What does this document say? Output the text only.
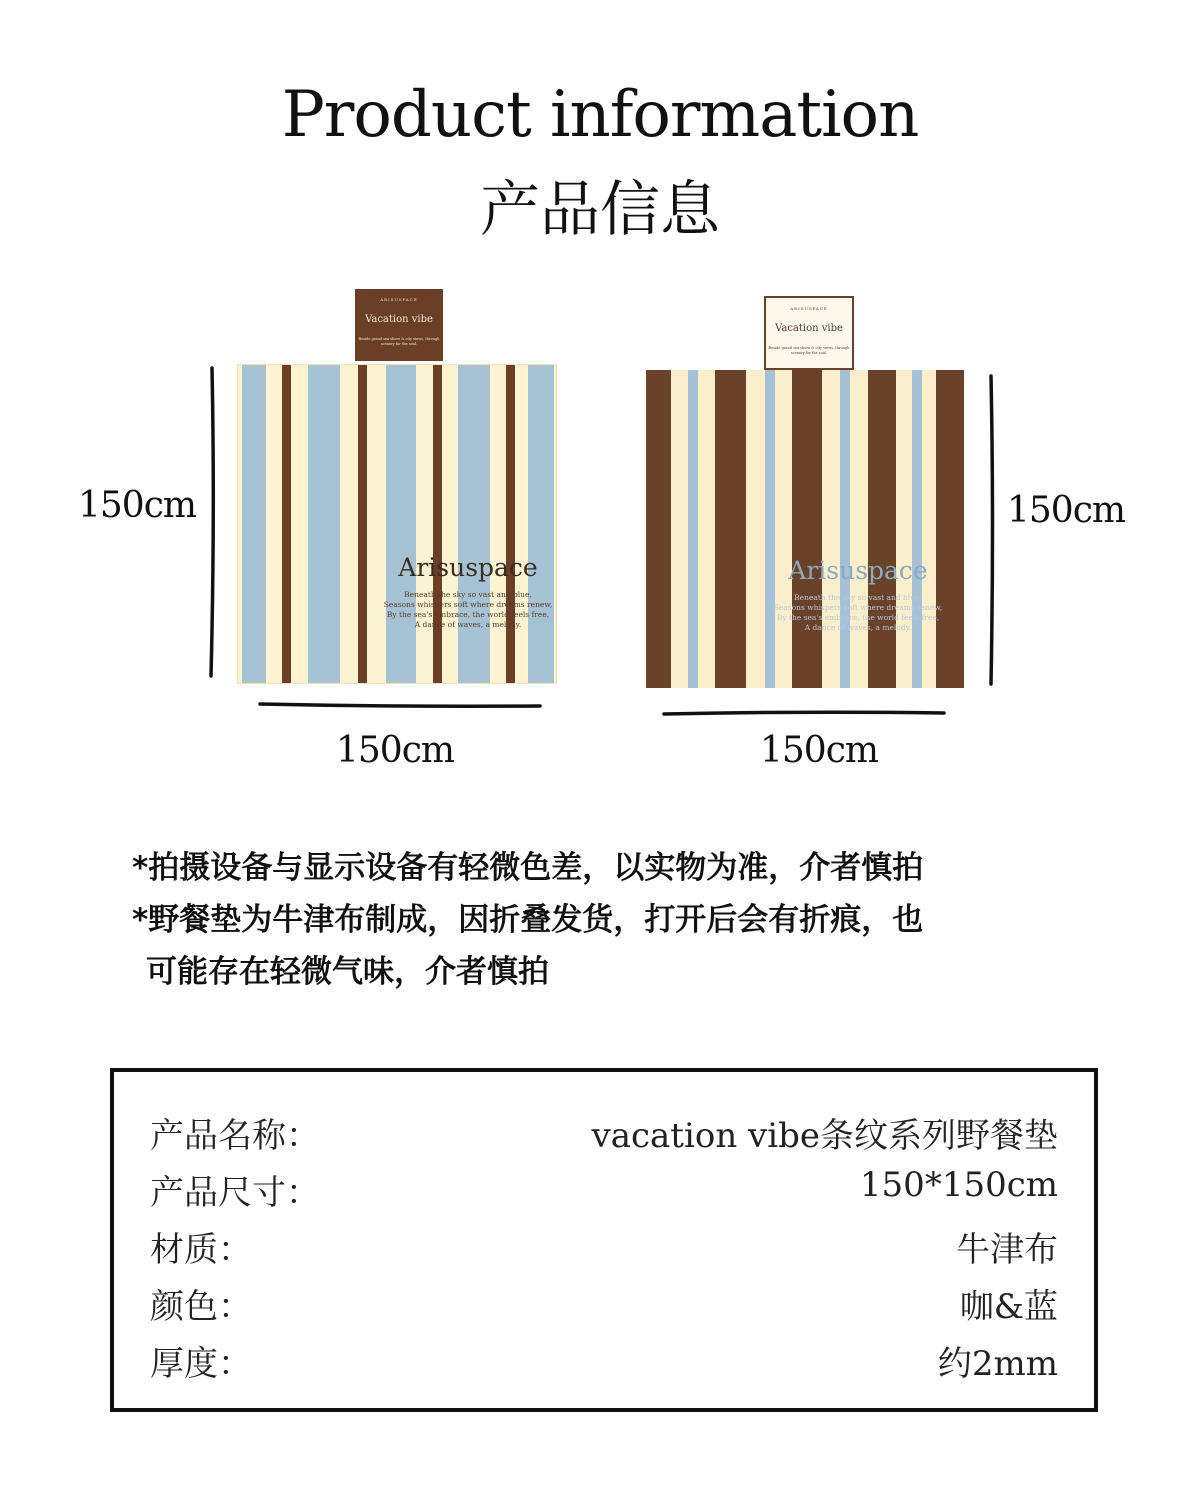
Product information
产品信息
ARISUSPACE
Vacation vibe
Beside grand sea-shore & city views, through scenery for the soul.
Arisuspace
Beneath the sky so vast and blue,
Seasons whispers soft where dreams renew,
By the sea's embrace, the world feels free,
A dance of waves, a melody.
150cm
150cm
ARISUSPACE
Vacation vibe
Beside grand sea-shore & city views, through scenery for the soul.
Arisuspace
Beneath the sky so vast and blue,
Seasons whispers soft where dreams renew,
By the sea's embrace, the world feels free,
A dance of waves, a melody.
150cm
150cm
*拍摄设备与显示设备有轻微色差，以实物为准，介者慎拍
*野餐垫为牛津布制成，因折叠发货，打开后会有折痕，也
可能存在轻微气味，介者慎拍
产品名称：	vacation vibe条纹系列野餐垫
产品尺寸：	150*150cm
材质：	牛津布
颜色：	咖&蓝
厚度：	约2mm
